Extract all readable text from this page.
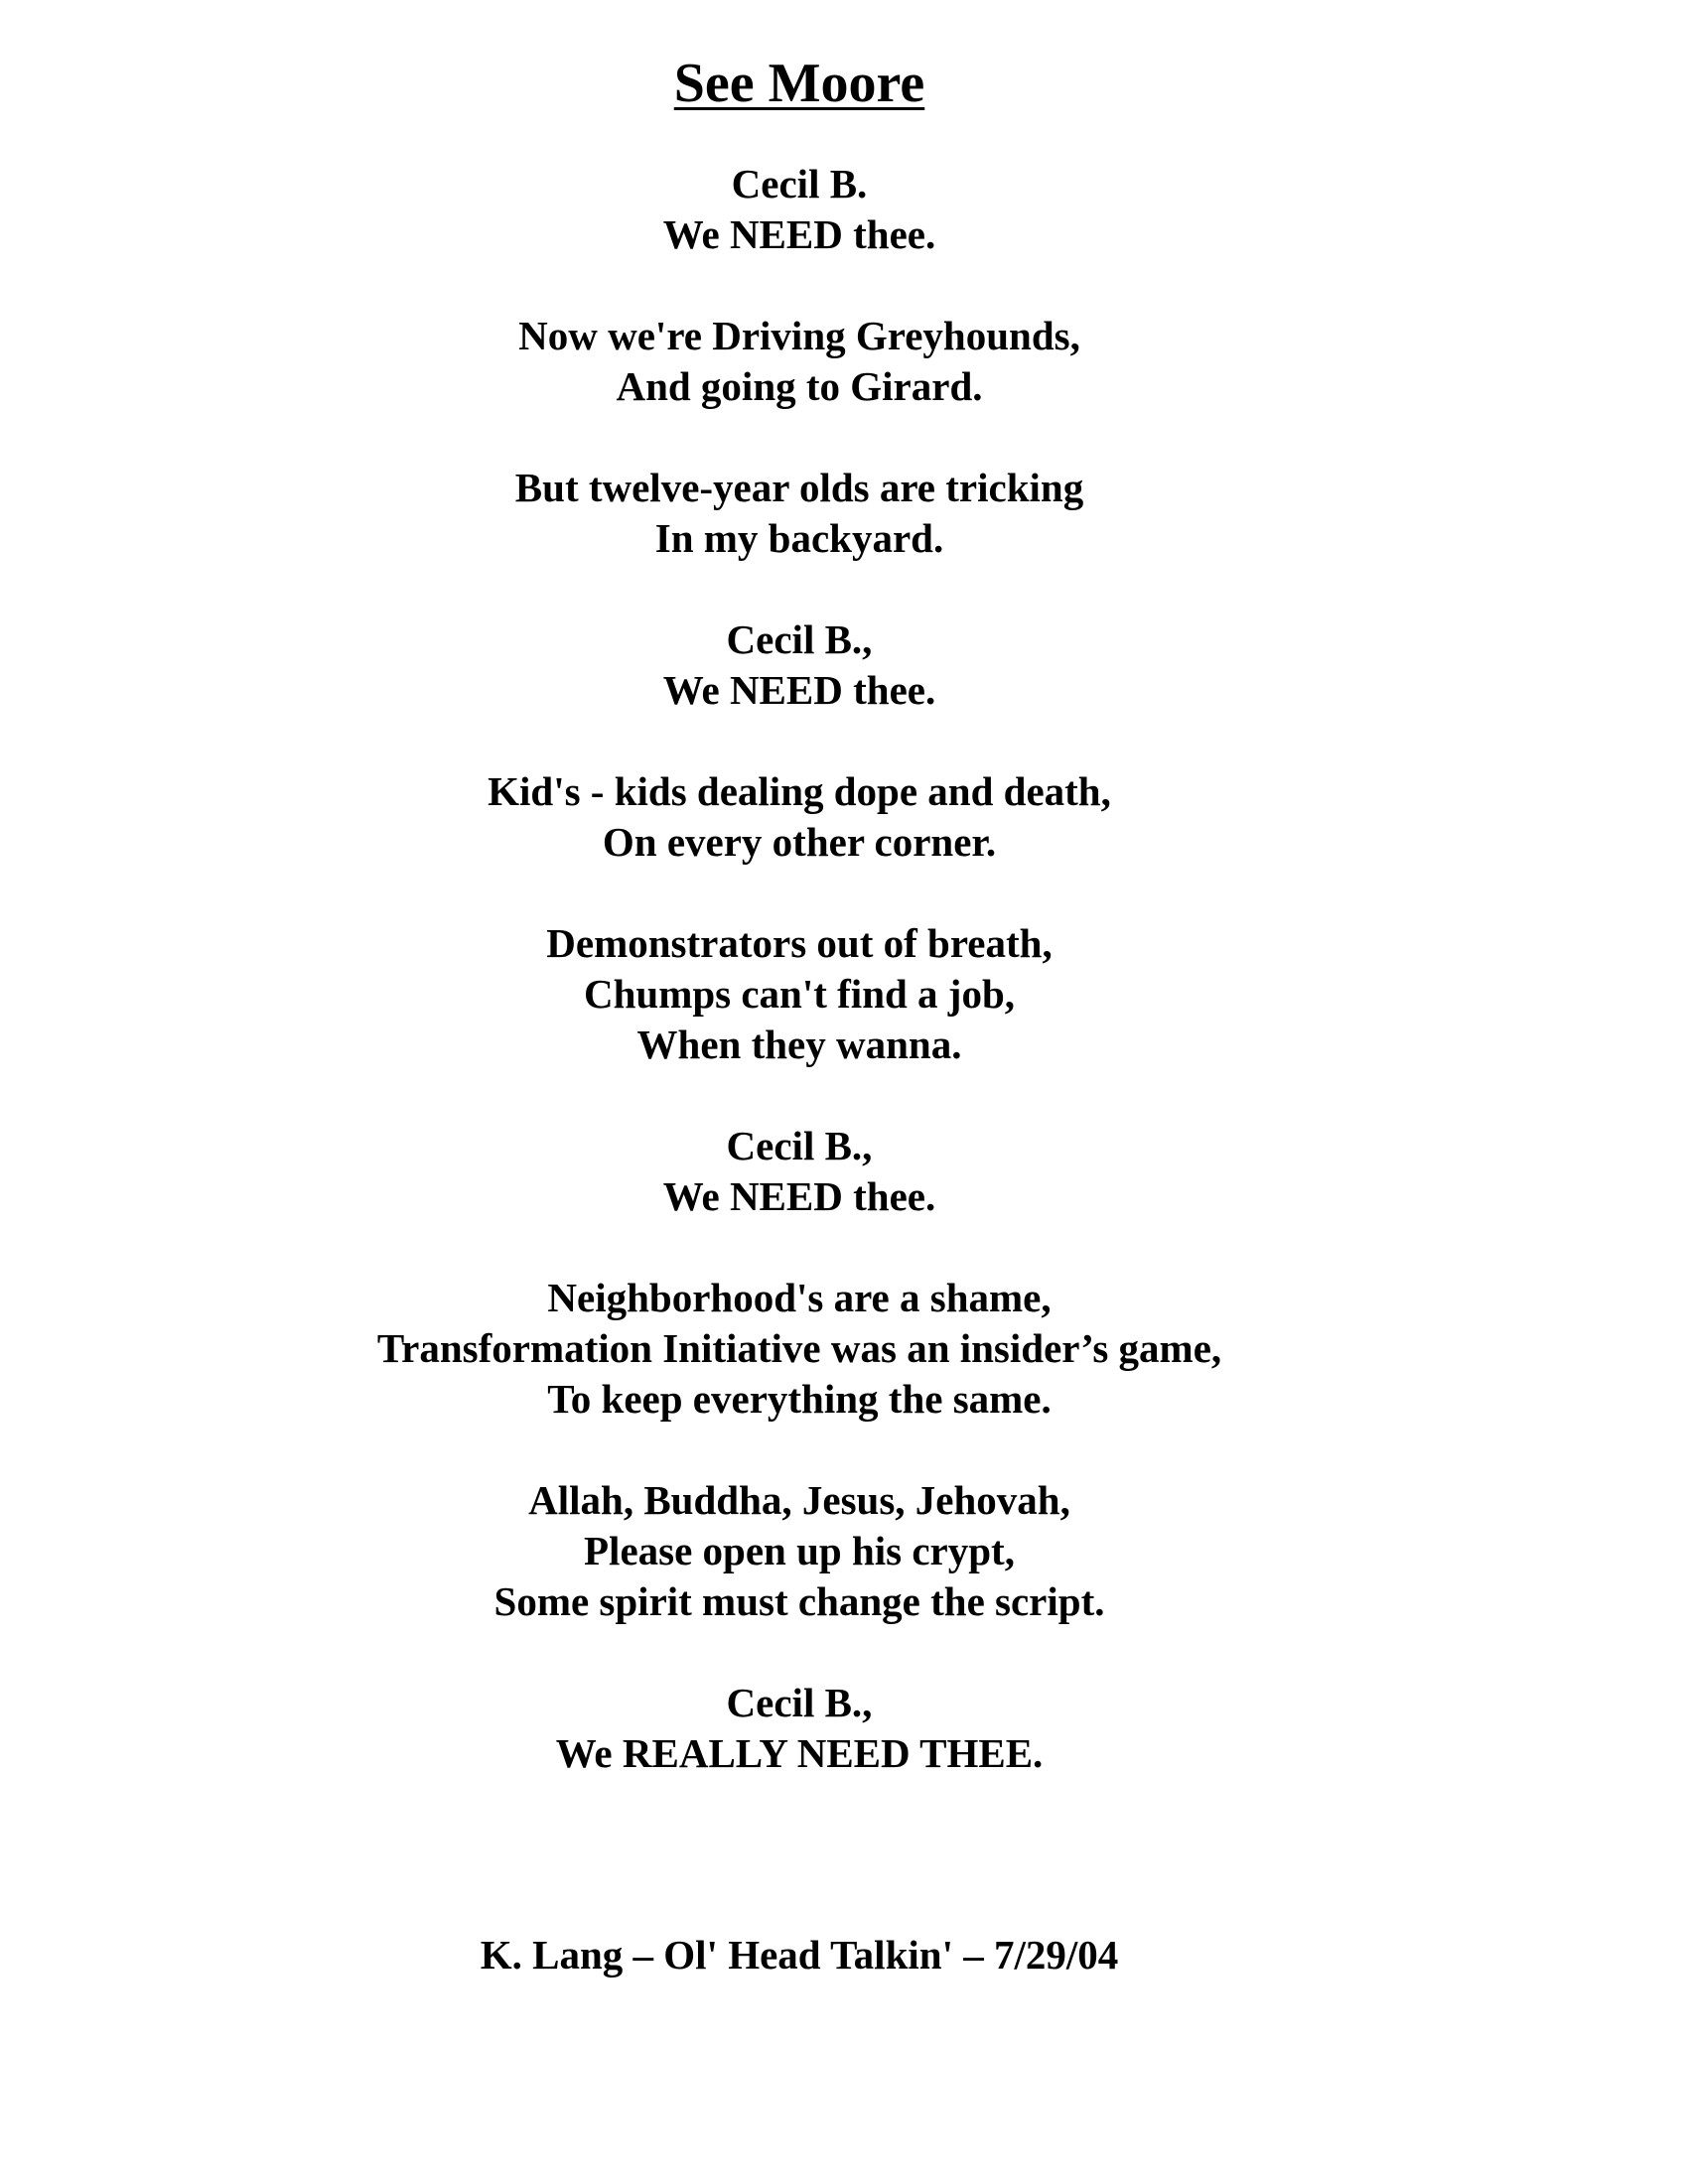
See Moore
Cecil B.
We NEED thee.
Now we're Driving Greyhounds,
And going to Girard.
But twelve-year olds are tricking
In my backyard.
Cecil B.,
We NEED thee.
Kid's - kids dealing dope and death,
On every other corner.
Demonstrators out of breath,
Chumps can't find a job,
When they wanna.
Cecil B.,
We NEED thee.
Neighborhood's are a shame,
Transformation Initiative was an insider’s game,
To keep everything the same.
Allah, Buddha, Jesus, Jehovah,
Please open up his crypt,
Some spirit must change the script.
Cecil B.,
We REALLY NEED THEE.
K. Lang – Ol' Head Talkin' – 7/29/04
